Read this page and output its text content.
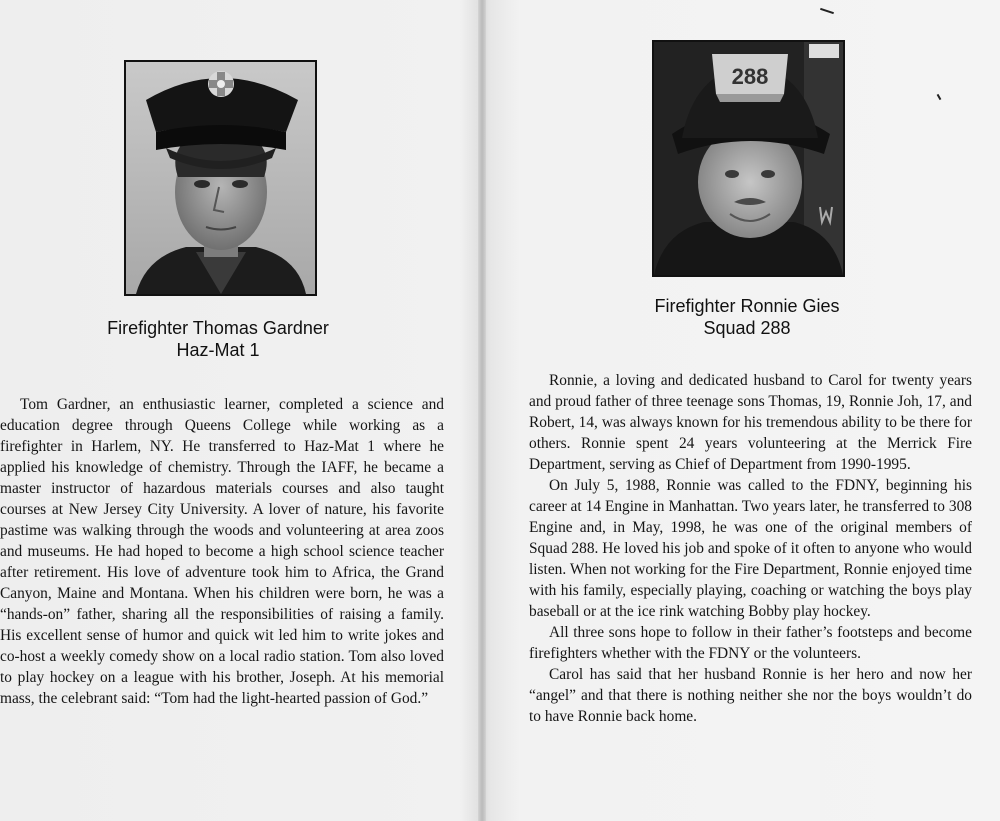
Firefighter Thomas Gardner
Haz-Mat 1

Tom Gardner, an enthusiastic learner, completed a science and education degree through Queens College while working as a firefighter in Harlem, NY. He transferred to Haz-Mat 1 where he applied his knowledge of chemistry. Through the IAFF, he became a master instructor of hazardous materials courses and also taught courses at New Jersey City University. A lover of nature, his favorite pastime was walking through the woods and volunteering at area zoos and museums. He had hoped to become a high school science teacher after retirement. His love of adventure took him to Africa, the Grand Canyon, Maine and Montana. When his children were born, he was a “hands-on” father, sharing all the responsibilities of raising a family. His excellent sense of humor and quick wit led him to write jokes and co-host a weekly comedy show on a local radio station. Tom also loved to play hockey on a league with his brother, Joseph. At his memorial mass, the celebrant said: “Tom had the light-hearted passion of God.”

288
Firefighter Ronnie Gies
Squad 288

Ronnie, a loving and dedicated husband to Carol for twenty years and proud father of three teenage sons Thomas, 19, Ronnie Joh, 17, and Robert, 14, was always known for his tremendous ability to be there for others. Ronnie spent 24 years volunteering at the Merrick Fire Department, serving as Chief of Department from 1990-1995.

On July 5, 1988, Ronnie was called to the FDNY, beginning his career at 14 Engine in Manhattan. Two years later, he transferred to 308 Engine and, in May, 1998, he was one of the original members of Squad 288. He loved his job and spoke of it often to anyone who would listen. When not working for the Fire Department, Ronnie enjoyed time with his family, especially playing, coaching or watching the boys play baseball or at the ice rink watching Bobby play hockey.

All three sons hope to follow in their father’s footsteps and become firefighters whether with the FDNY or the volunteers.

Carol has said that her husband Ronnie is her hero and now her “angel” and that there is nothing neither she nor the boys wouldn’t do to have Ronnie back home.
